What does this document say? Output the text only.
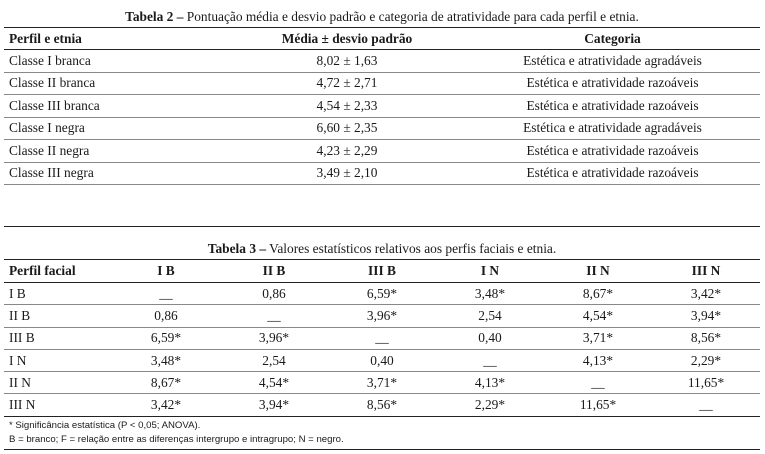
Tabela 2 – Pontuação média e desvio padrão e categoria de atratividade para cada perfil e etnia.
Perfil e etnia	Média ± desvio padrão	Categoria
Classe I branca	8,02 ± 1,63	Estética e atratividade agradáveis
Classe II branca	4,72 ± 2,71	Estética e atratividade razoáveis
Classe III branca	4,54 ± 2,33	Estética e atratividade razoáveis
Classe I negra	6,60 ± 2,35	Estética e atratividade agradáveis
Classe II negra	4,23 ± 2,29	Estética e atratividade razoáveis
Classe III negra	3,49 ± 2,10	Estética e atratividade razoáveis

Tabela 3 – Valores estatísticos relativos aos perfis faciais e etnia.
Perfil facial	I B	II B	III B	I N	II N	III N
I B	__	0,86	6,59*	3,48*	8,67*	3,42*
II B	0,86	__	3,96*	2,54	4,54*	3,94*
III B	6,59*	3,96*	__	0,40	3,71*	8,56*
I N	3,48*	2,54	0,40	__	4,13*	2,29*
II N	8,67*	4,54*	3,71*	4,13*	__	11,65*
III N	3,42*	3,94*	8,56*	2,29*	11,65*	__
* Significância estatística (P < 0,05; ANOVA).
B = branco; F = relação entre as diferenças intergrupo e intragrupo; N = negro.
